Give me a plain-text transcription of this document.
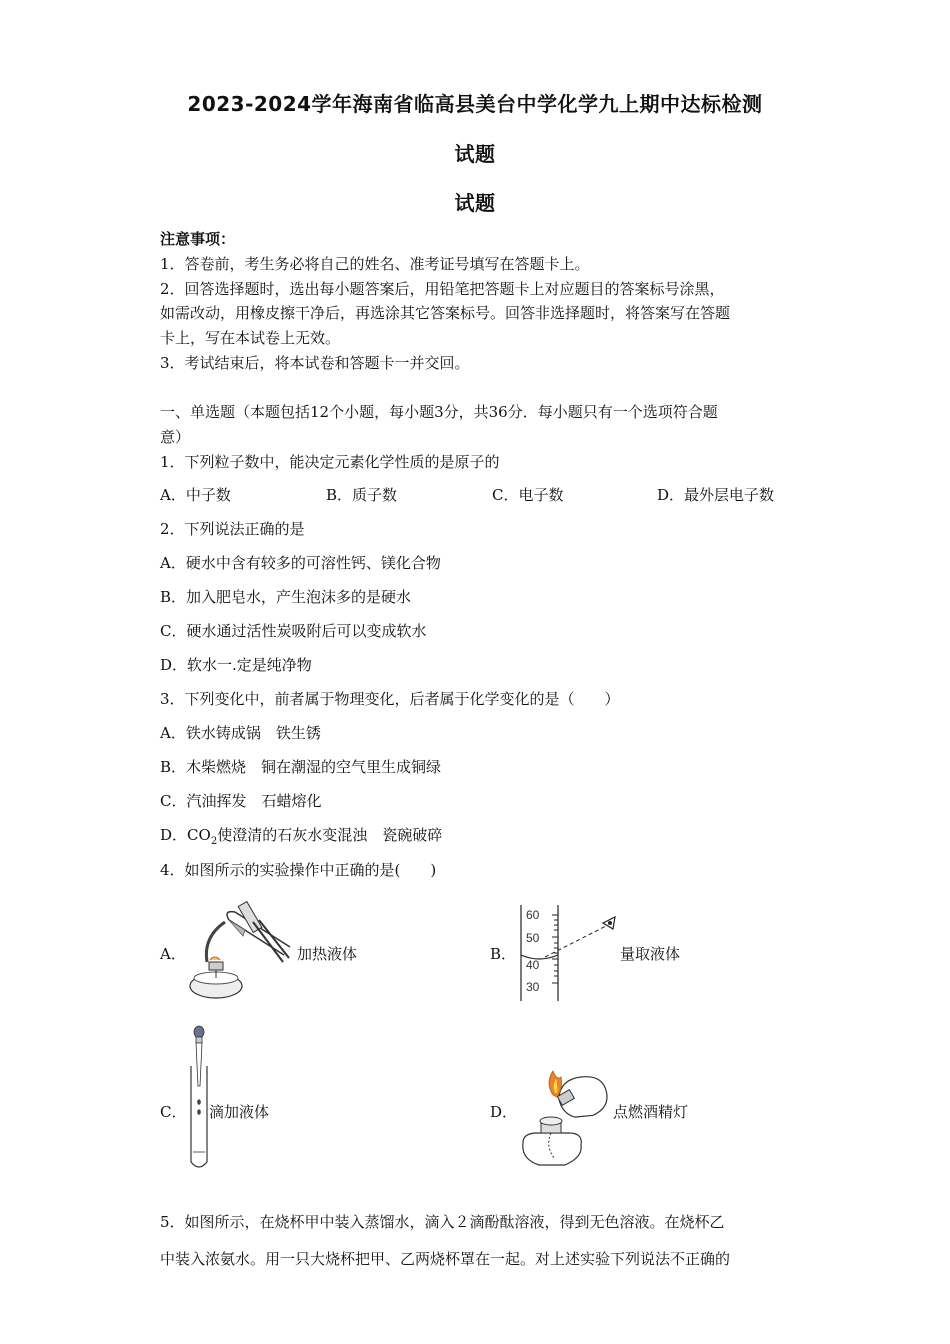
2023-2024学年海南省临高县美台中学化学九上期中达标检测
试题
试题
注意事项：
1．答卷前，考生务必将自己的姓名、准考证号填写在答题卡上。
2．回答选择题时，选出每小题答案后，用铅笔把答题卡上对应题目的答案标号涂黑，
如需改动，用橡皮擦干净后，再选涂其它答案标号。回答非选择题时，将答案写在答题
卡上，写在本试卷上无效。
3．考试结束后，将本试卷和答题卡一并交回。
一、单选题（本题包括12个小题，每小题3分，共36分．每小题只有一个选项符合题
意）
1．下列粒子数中，能决定元素化学性质的是原子的
A．中子数	B．质子数	C．电子数	D．最外层电子数
2．下列说法正确的是
A．硬水中含有较多的可溶性钙、镁化合物
B．加入肥皂水，产生泡沫多的是硬水
C．硬水通过活性炭吸附后可以变成软水
D．软水一.定是纯净物
3．下列变化中，前者属于物理变化，后者属于化学变化的是（　　）
A．铁水铸成锅　铁生锈
B．木柴燃烧　铜在潮湿的空气里生成铜绿
C．汽油挥发　石蜡熔化
D．$CO_2$使澄清的石灰水变混浊　瓷碗破碎
4．如图所示的实验操作中正确的是(　　)
A．	加热液体	B．
60
50
40
30
量取液体
C． 滴加液体	D．	点燃酒精灯
5．如图所示，在烧杯甲中装入蒸馏水，滴入２滴酚酞溶液，得到无色溶液。在烧杯乙
中装入浓氨水。用一只大烧杯把甲、乙两烧杯罩在一起。对上述实验下列说法不正确的
